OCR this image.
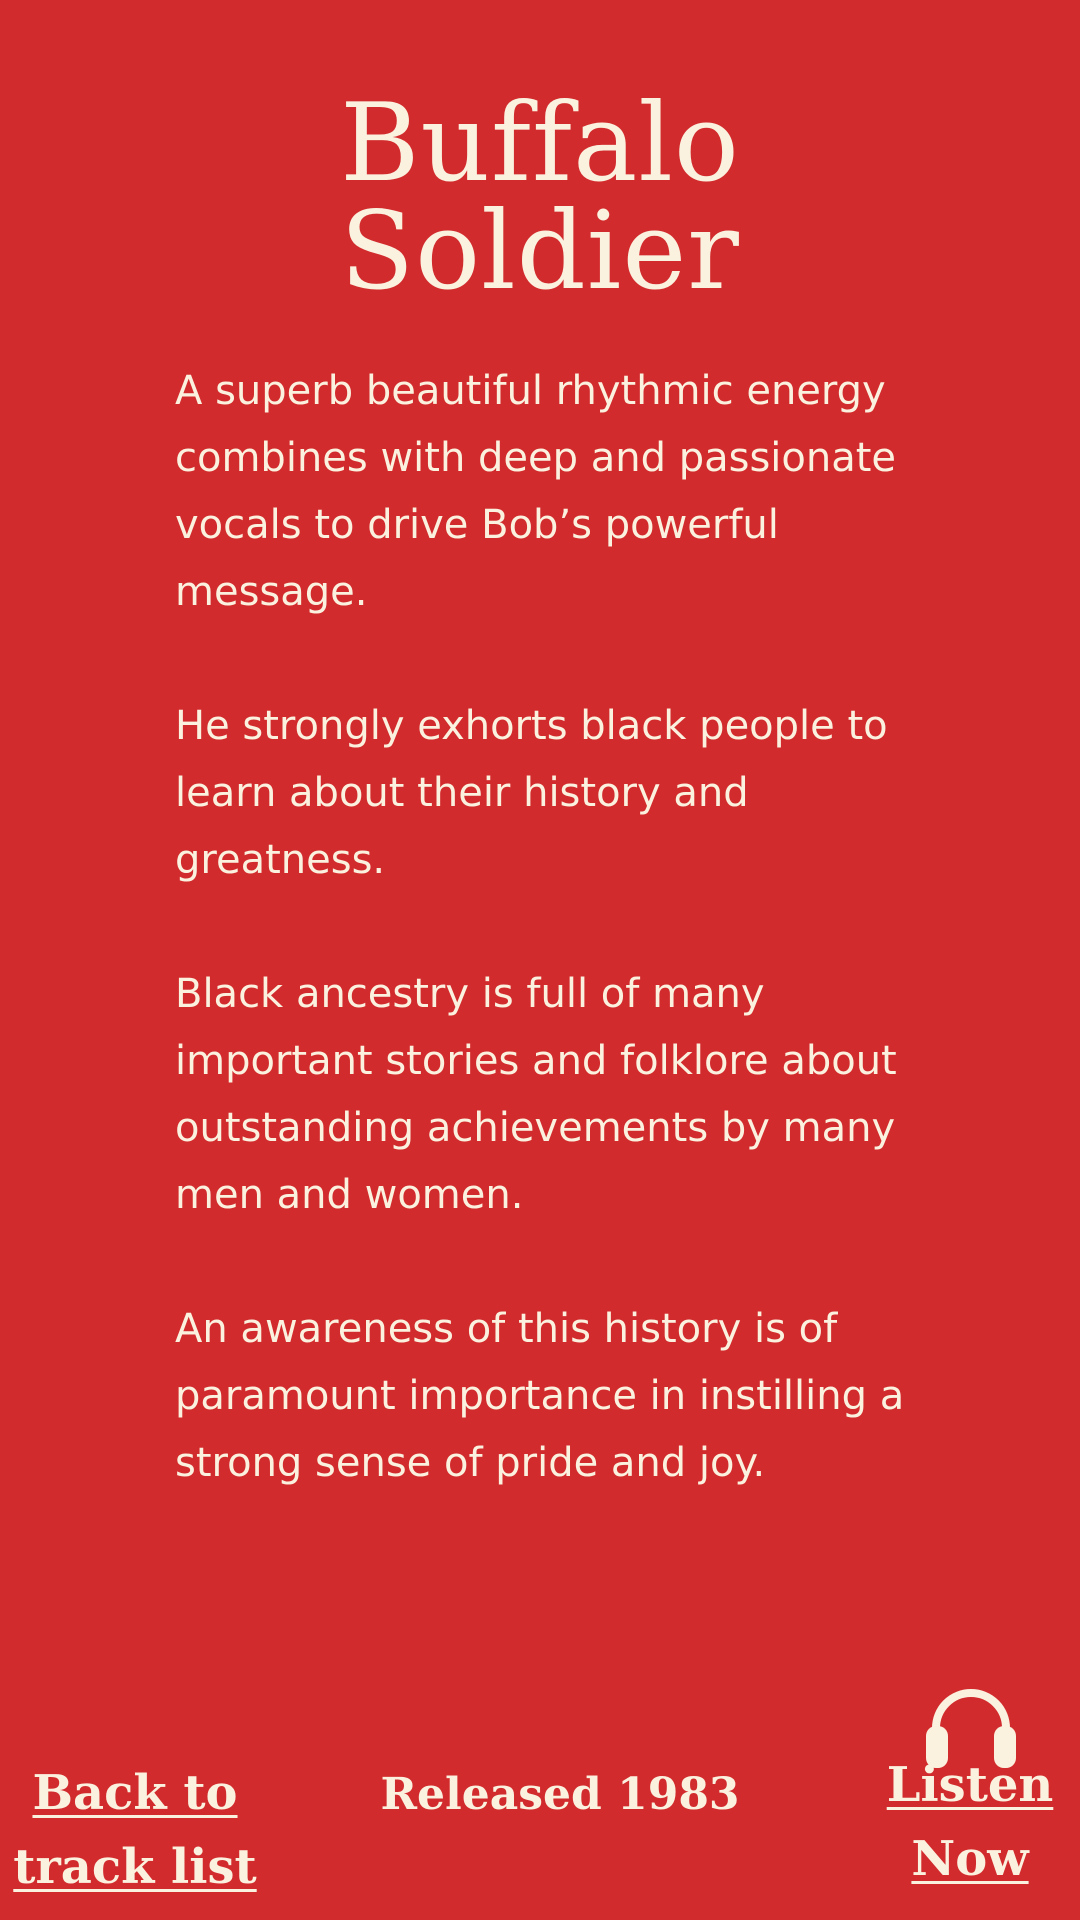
Buffalo
Soldier

A superb beautiful rhythmic energy combines with deep and passionate vocals to drive Bob’s powerful message.

He strongly exhorts black people to learn about their history and greatness.

Black ancestry is full of many important stories and folklore about outstanding achievements by many men and women.

An awareness of this history is of paramount importance in instilling a strong sense of pride and joy.

Back to
track list
Released 1983	Listen
Now
